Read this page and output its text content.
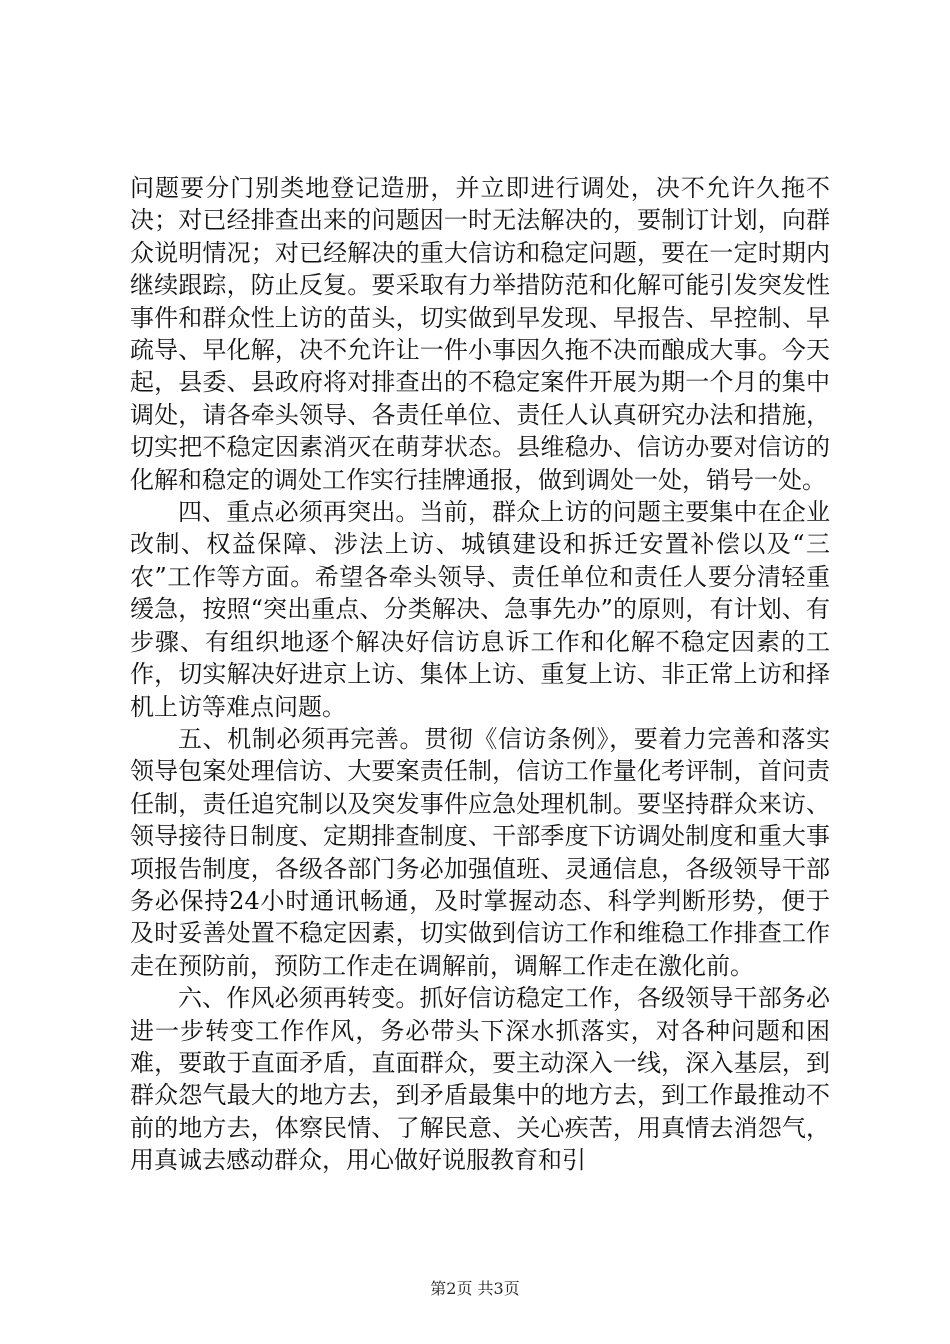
问题要分门别类地登记造册，并立即进行调处，决不允许久拖不决；对已经排查出来的问题因一时无法解决的，要制订计划，向群众说明情况；对已经解决的重大信访和稳定问题，要在一定时期内继续跟踪，防止反复。要采取有力举措防范和化解可能引发突发性事件和群众性上访的苗头，切实做到早发现、早报告、早控制、早疏导、早化解，决不允许让一件小事因久拖不决而酿成大事。今天起，县委、县政府将对排查出的不稳定案件开展为期一个月的集中调处，请各牵头领导、各责任单位、责任人认真研究办法和措施，切实把不稳定因素消灭在萌芽状态。县维稳办、信访办要对信访的化解和稳定的调处工作实行挂牌通报，做到调处一处，销号一处。

四、重点必须再突出。当前，群众上访的问题主要集中在企业改制、权益保障、涉法上访、城镇建设和拆迁安置补偿以及“三农”工作等方面。希望各牵头领导、责任单位和责任人要分清轻重缓急，按照“突出重点、分类解决、急事先办”的原则，有计划、有步骤、有组织地逐个解决好信访息诉工作和化解不稳定因素的工作，切实解决好进京上访、集体上访、重复上访、非正常上访和择机上访等难点问题。

五、机制必须再完善。贯彻《信访条例》，要着力完善和落实领导包案处理信访、大要案责任制，信访工作量化考评制，首问责任制，责任追究制以及突发事件应急处理机制。要坚持群众来访、领导接待日制度、定期排查制度、干部季度下访调处制度和重大事项报告制度，各级各部门务必加强值班、灵通信息，各级领导干部务必保持24小时通讯畅通，及时掌握动态、科学判断形势，便于及时妥善处置不稳定因素，切实做到信访工作和维稳工作排查工作走在预防前，预防工作走在调解前，调解工作走在激化前。

六、作风必须再转变。抓好信访稳定工作，各级领导干部务必进一步转变工作作风，务必带头下深水抓落实，对各种问题和困难，要敢于直面矛盾，直面群众，要主动深入一线，深入基层，到群众怨气最大的地方去，到矛盾最集中的地方去，到工作最推动不前的地方去，体察民情、了解民意、关心疾苦，用真情去消怨气，用真诚去感动群众，用心做好说服教育和引

第2页 共3页
